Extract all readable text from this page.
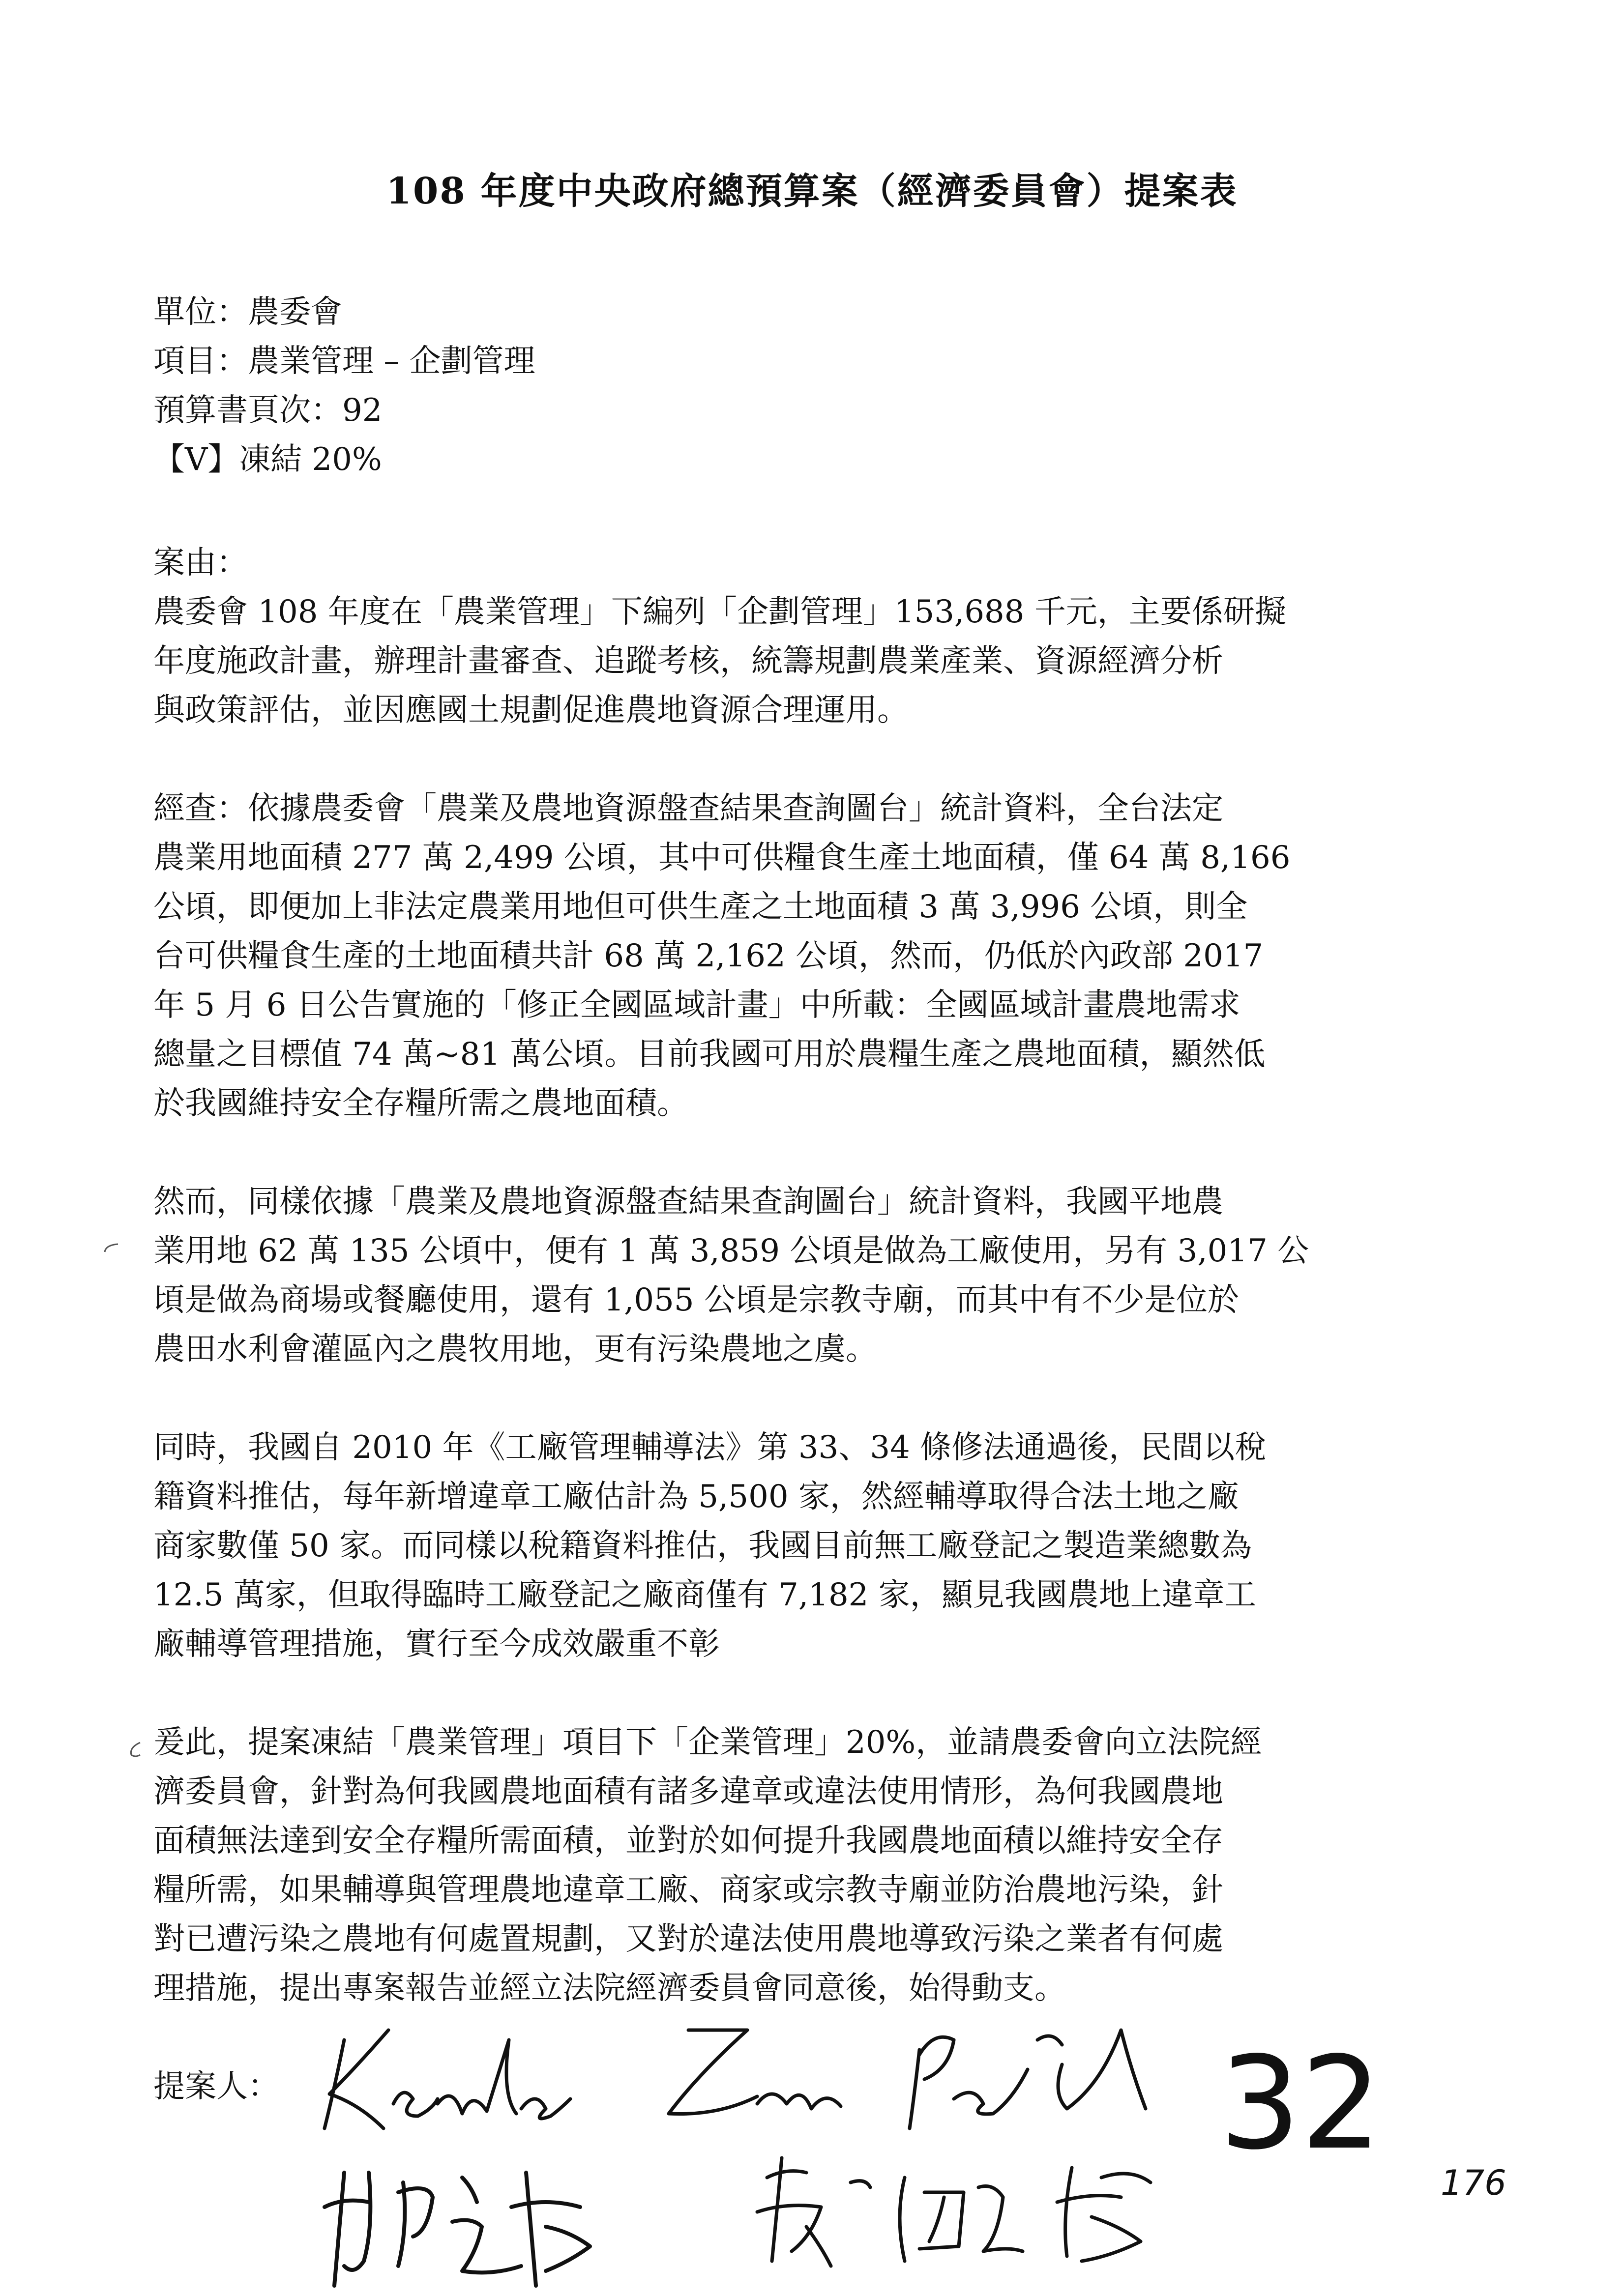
108 年度中央政府總預算案（經濟委員會）提案表
單位：農委會
項目：農業管理 – 企劃管理
預算書頁次：92
【V】凍結 20%
案由：
農委會 108 年度在「農業管理」下編列「企劃管理」153,688 千元，主要係研擬
年度施政計畫，辦理計畫審查、追蹤考核，統籌規劃農業產業、資源經濟分析
與政策評估，並因應國土規劃促進農地資源合理運用。
經查：依據農委會「農業及農地資源盤查結果查詢圖台」統計資料，全台法定
農業用地面積 277 萬 2,499 公頃，其中可供糧食生產土地面積，僅 64 萬 8,166
公頃，即便加上非法定農業用地但可供生產之土地面積 3 萬 3,996 公頃，則全
台可供糧食生產的土地面積共計 68 萬 2,162 公頃，然而，仍低於內政部 2017
年 5 月 6 日公告實施的「修正全國區域計畫」中所載：全國區域計畫農地需求
總量之目標值 74 萬~81 萬公頃。目前我國可用於農糧生產之農地面積，顯然低
於我國維持安全存糧所需之農地面積。
然而，同樣依據「農業及農地資源盤查結果查詢圖台」統計資料，我國平地農
業用地 62 萬 135 公頃中，便有 1 萬 3,859 公頃是做為工廠使用，另有 3,017 公
頃是做為商場或餐廳使用，還有 1,055 公頃是宗教寺廟，而其中有不少是位於
農田水利會灌區內之農牧用地，更有污染農地之虞。
同時，我國自 2010 年《工廠管理輔導法》第 33、34 條修法通過後，民間以稅
籍資料推估，每年新增違章工廠估計為 5,500 家，然經輔導取得合法土地之廠
商家數僅 50 家。而同樣以稅籍資料推估，我國目前無工廠登記之製造業總數為
12.5 萬家，但取得臨時工廠登記之廠商僅有 7,182 家，顯見我國農地上違章工
廠輔導管理措施，實行至今成效嚴重不彰
爰此，提案凍結「農業管理」項目下「企業管理」20%，並請農委會向立法院經
濟委員會，針對為何我國農地面積有諸多違章或違法使用情形，為何我國農地
面積無法達到安全存糧所需面積，並對於如何提升我國農地面積以維持安全存
糧所需，如果輔導與管理農地違章工廠、商家或宗教寺廟並防治農地污染，針
對已遭污染之農地有何處置規劃，又對於違法使用農地導致污染之業者有何處
理措施，提出專案報告並經立法院經濟委員會同意後，始得動支。
提案人：	32
176
